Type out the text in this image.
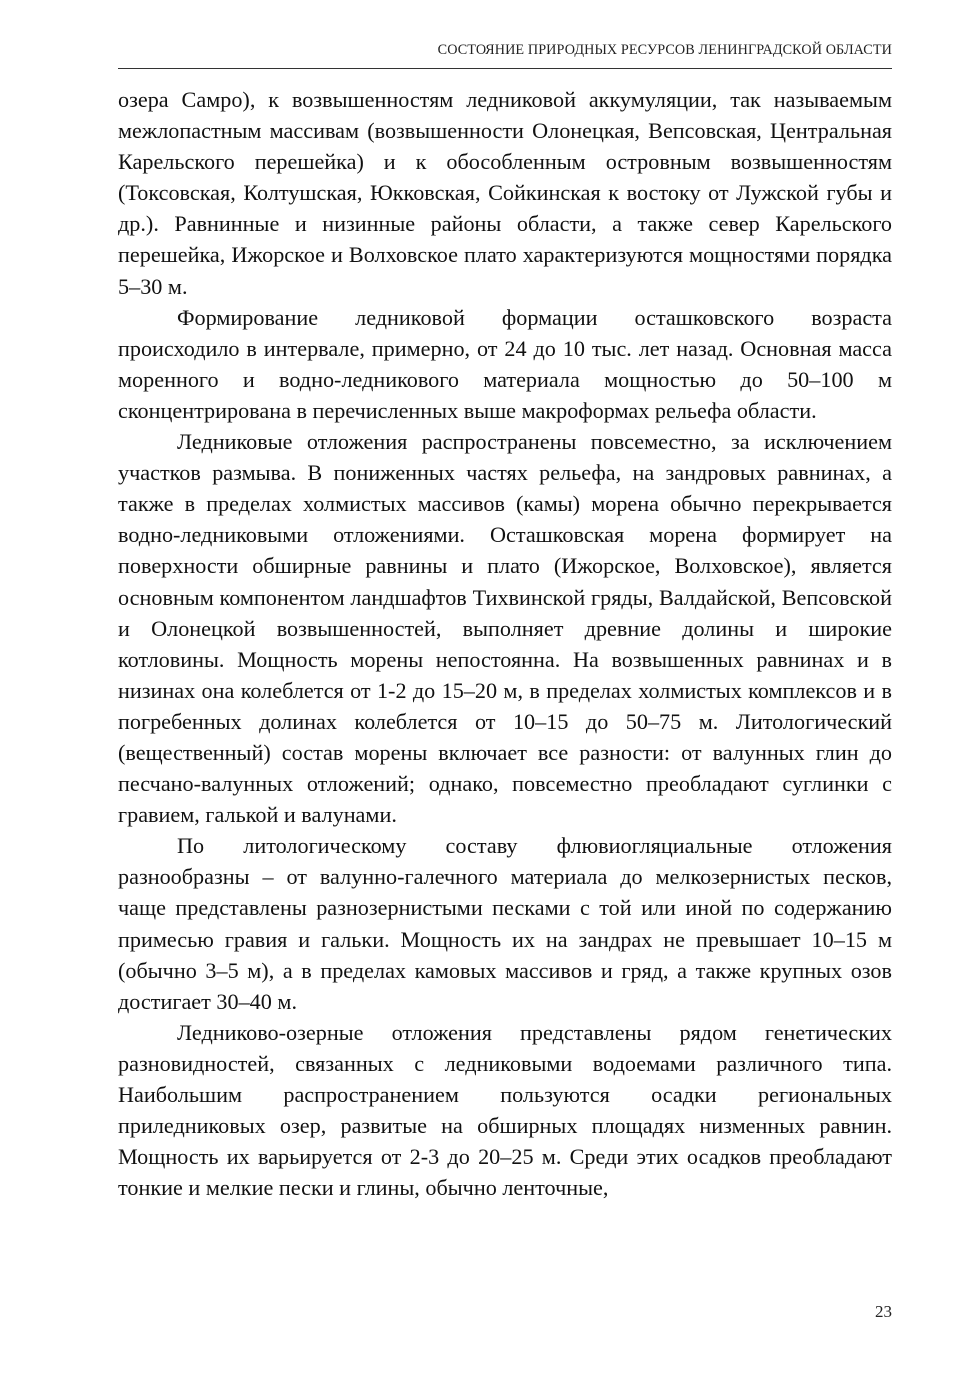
СОСТОЯНИЕ ПРИРОДНЫХ РЕСУРСОВ ЛЕНИНГРАДСКОЙ ОБЛАСТИ

озера Самро), к возвышенностям ледниковой аккумуляции, так называемым межлопастным массивам (возвышенности Олонецкая, Вепсовская, Центральная Карельского перешейка) и к обособленным островным возвышенностям (Токсовская, Колтушская, Юкковская, Сойкинская к востоку от Лужской губы и др.). Равнинные и низинные районы области, а также север Карельского перешейка, Ижорское и Волховское плато характеризуются мощностями порядка 5–30 м.

Формирование ледниковой формации осташковского возраста происходило в интервале, примерно, от 24 до 10 тыс. лет назад. Основная масса моренного и водно-ледникового материала мощностью до 50–100 м сконцентрирована в перечисленных выше макроформах рельефа области.

Ледниковые отложения распространены повсеместно, за исключением участков размыва. В пониженных частях рельефа, на зандровых равнинах, а также в пределах холмистых массивов (камы) морена обычно перекрывается водно-ледниковыми отложениями. Осташковская морена формирует на поверхности обширные равнины и плато (Ижорское, Волховское), является основным компонентом ландшафтов Тихвинской гряды, Валдайской, Вепсовской и Олонецкой возвышенностей, выполняет древние долины и широкие котловины. Мощность морены непостоянна. На возвышенных равнинах и в низинах она колеблется от 1-2 до 15–20 м, в пределах холмистых комплексов и в погребенных долинах колеблется от 10–15 до 50–75 м. Литологический (вещественный) состав морены включает все разности: от валунных глин до песчано-валунных отложений; однако, повсеместно преобладают суглинки с гравием, галькой и валунами.

По литологическому составу флювиогляциальные отложения разнообразны – от валунно-галечного материала до мелкозернистых песков, чаще представлены разнозернистыми песками с той или иной по содержанию примесью гравия и гальки. Мощность их на зандрах не превышает 10–15 м (обычно 3–5 м), а в пределах камовых массивов и гряд, а также крупных озов достигает 30–40 м.

Ледниково-озерные отложения представлены рядом генетических разновидностей, связанных с ледниковыми водоемами различного типа. Наибольшим распространением пользуются осадки региональных приледниковых озер, развитые на обширных площадях низменных равнин. Мощность их варьируется от 2-3 до 20–25 м. Среди этих осадков преобладают тонкие и мелкие пески и глины, обычно ленточные,

23
